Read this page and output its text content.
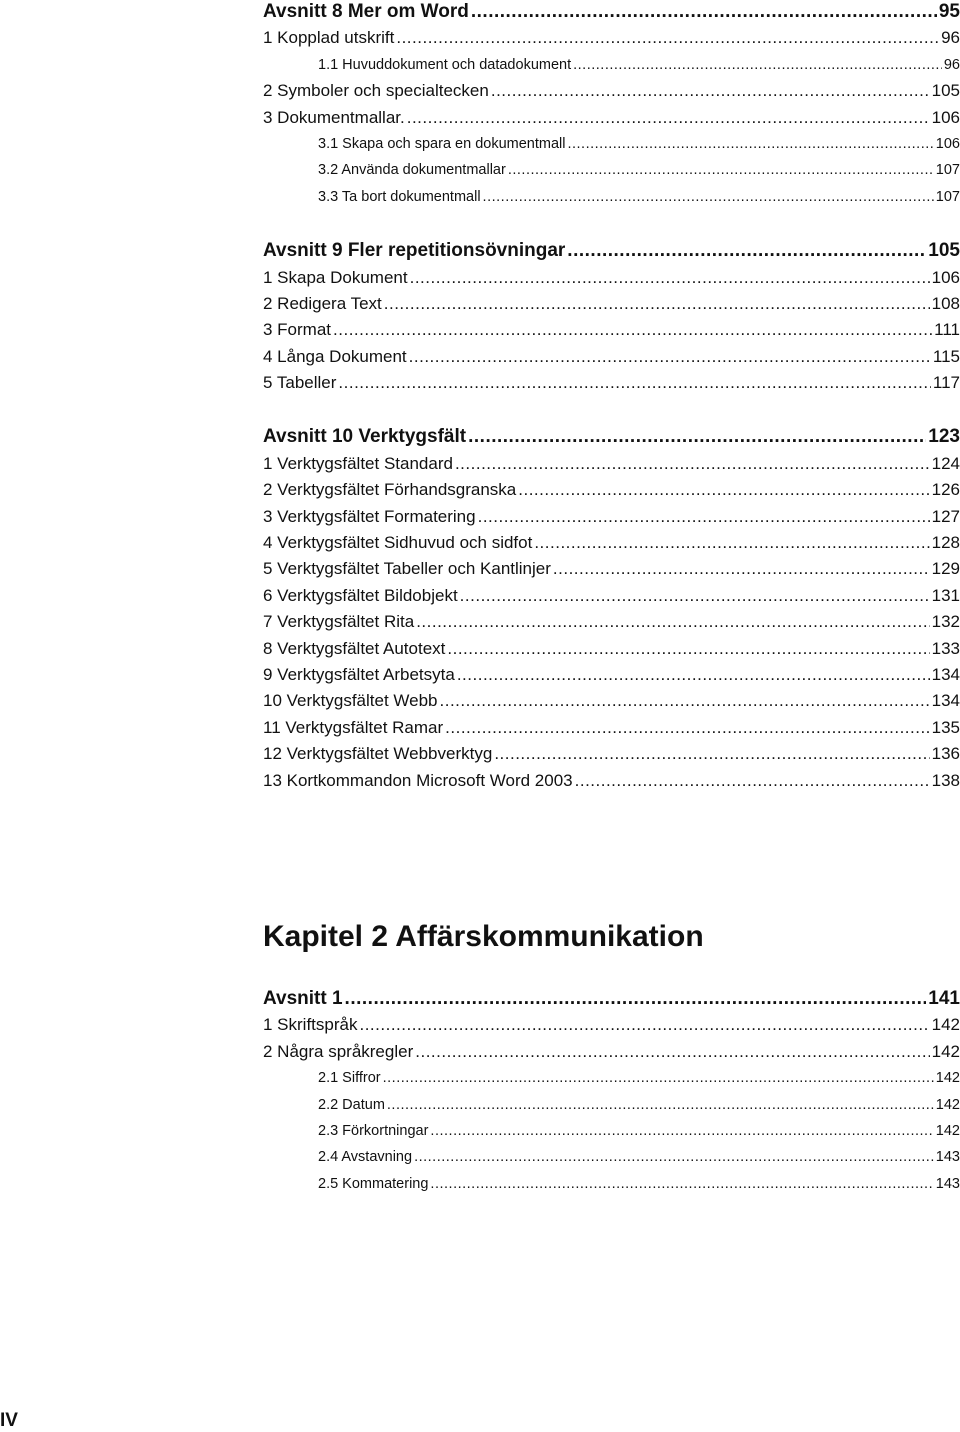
Avsnitt 8 Mer om Word .....	95
1 Kopplad utskrift .....	96
1.1 Huvuddokument och datadokument .....	96
2 Symboler och specialtecken .....	105
3 Dokumentmallar. .....	106
3.1 Skapa och spara en dokumentmall .....	106
3.2 Använda dokumentmallar .....	107
3.3 Ta bort dokumentmall .....	107
Avsnitt 9 Fler repetitionsövningar .....	105
1 Skapa Dokument .....	106
2 Redigera Text .....	108
3 Format .....	111
4 Långa Dokument .....	115
5 Tabeller .....	117
Avsnitt 10 Verktygsfält .....	123
1 Verktygsfältet Standard .....	124
2 Verktygsfältet Förhandsgranska .....	126
3 Verktygsfältet Formatering .....	127
4 Verktygsfältet Sidhuvud och sidfot .....	128
5 Verktygsfältet Tabeller och Kantlinjer .....	129
6 Verktygsfältet Bildobjekt .....	131
7 Verktygsfältet Rita .....	132
8 Verktygsfältet Autotext .....	133
9 Verktygsfältet Arbetsyta .....	134
10 Verktygsfältet Webb .....	134
11 Verktygsfältet Ramar .....	135
12 Verktygsfältet Webbverktyg .....	136
13 Kortkommandon Microsoft Word 2003 .....	138
Kapitel 2 Affärskommunikation
Avsnitt 1 .....	141
1 Skriftspråk .....	142
2 Några språkregler .....	142
2.1 Siffror .....	142
2.2 Datum .....	142
2.3 Förkortningar .....	142
2.4 Avstavning .....	143
2.5 Kommatering .....	143
IV
